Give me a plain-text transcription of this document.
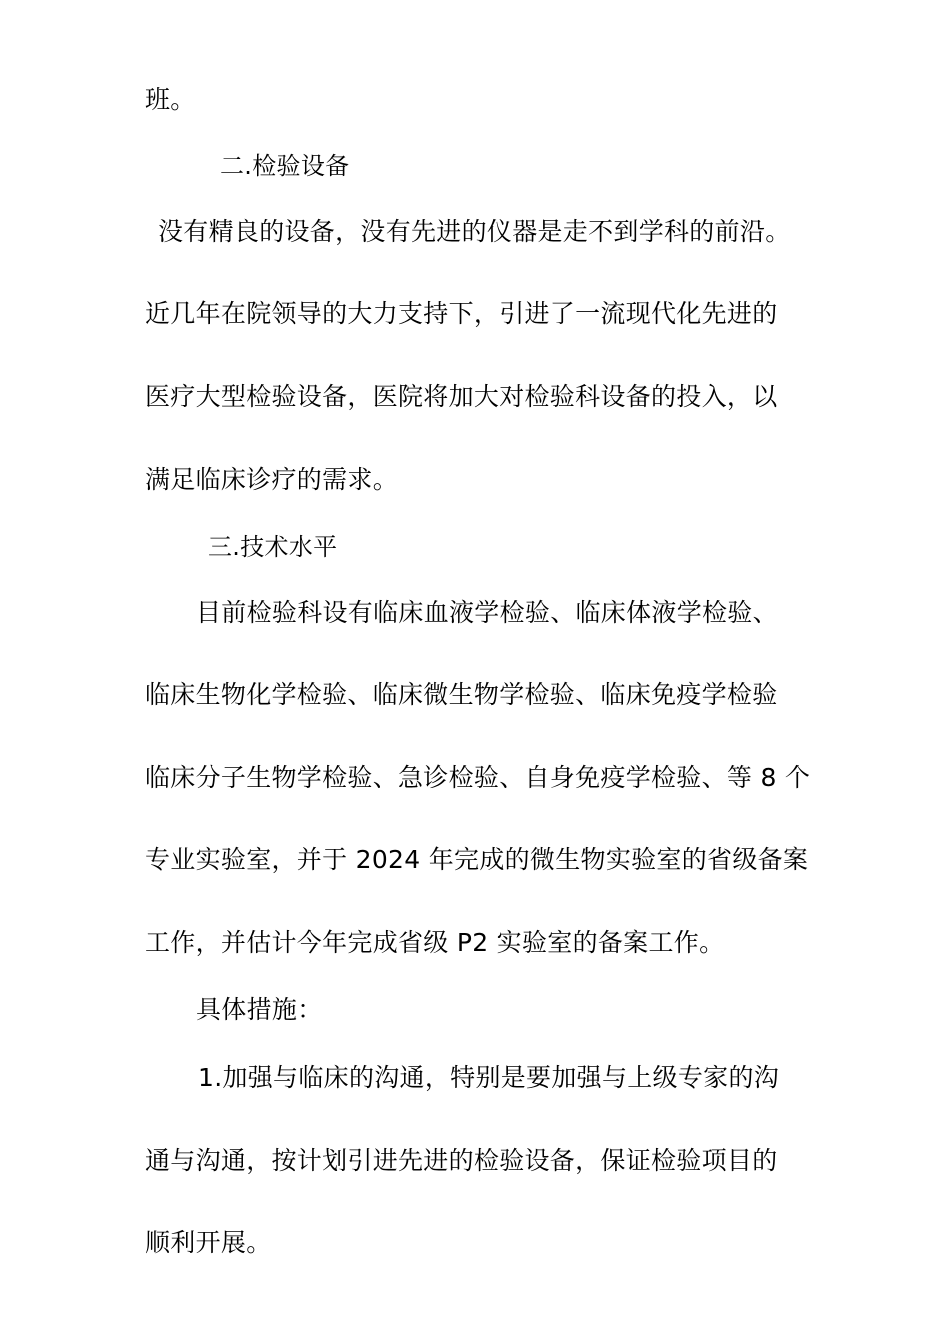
班。
二.检验设备
没有精良的设备，没有先进的仪器是走不到学科的前沿。
近几年在院领导的大力支持下，引进了一流现代化先进的
医疗大型检验设备，医院将加大对检验科设备的投入，以
满足临床诊疗的需求。
三.技术水平
目前检验科设有临床血液学检验、临床体液学检验、
临床生物化学检验、临床微生物学检验、临床免疫学检验
临床分子生物学检验、急诊检验、自身免疫学检验、等 8 个
专业实验室，并于 2024 年完成的微生物实验室的省级备案
工作，并估计今年完成省级 P2 实验室的备案工作。
具体措施：
1.加强与临床的沟通，特别是要加强与上级专家的沟
通与沟通，按计划引进先进的检验设备，保证检验项目的
顺利开展。
